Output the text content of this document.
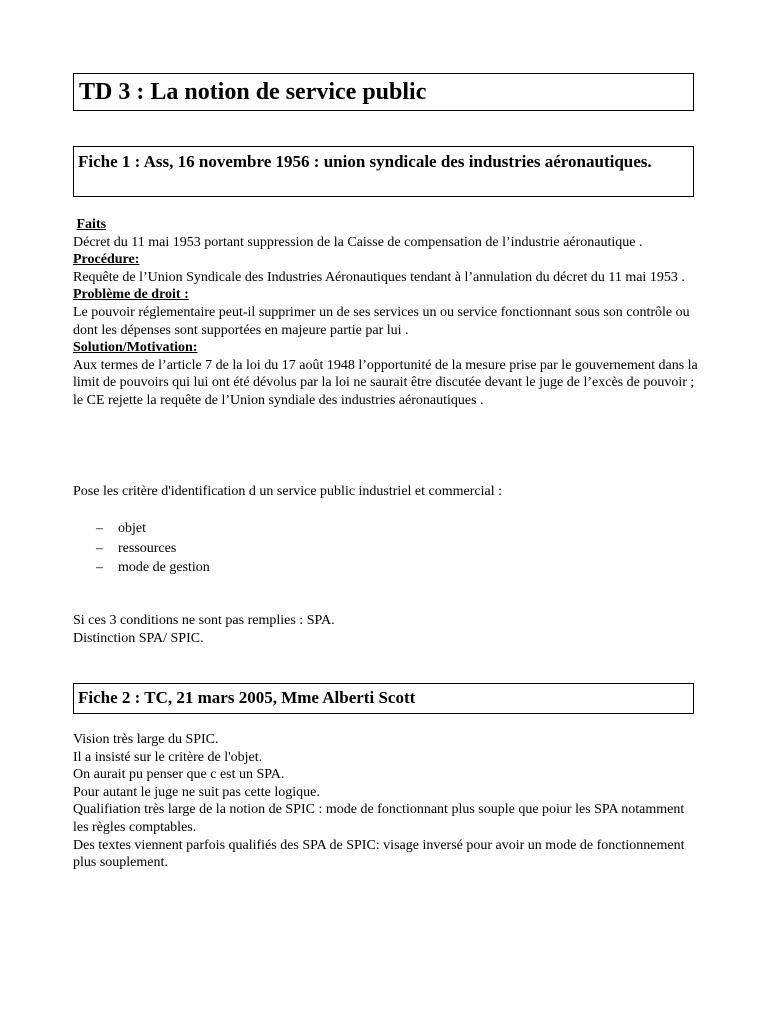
TD 3 : La notion de service public
Fiche 1 : Ass, 16 novembre 1956 : union syndicale des industries aéronautiques.
Faits
Décret du 11 mai 1953 portant suppression de la Caisse de compensation de l’industrie aéronautique .
Procédure:
Requête de l’Union Syndicale des Industries Aéronautiques tendant à l’annulation du décret du 11 mai 1953 .
Problème de droit :
Le pouvoir réglementaire peut-il supprimer un de ses services un ou service fonctionnant sous son contrôle ou dont les dépenses sont supportées en majeure partie par lui .
Solution/Motivation:
Aux termes de l’article 7 de la loi du 17 août 1948 l’opportunité de la mesure prise par le gouvernement dans la limit de pouvoirs qui lui ont été dévolus par la loi ne saurait être discutée devant le juge de l’excès de pouvoir ; le CE rejette la requête de l’Union syndiale des industries aéronautiques .
Pose les critère d'identification d un service public industriel et commercial :
– objet
– ressources
– mode de gestion
Si ces 3 conditions ne sont pas remplies : SPA.
Distinction SPA/ SPIC.
Fiche 2 : TC, 21 mars 2005, Mme Alberti Scott
Vision très large du SPIC.
Il a insisté sur le critère de l'objet.
On aurait pu penser que c est un SPA.
Pour autant le juge ne suit pas cette logique.
Qualifiation très large de la notion de SPIC : mode de fonctionnant plus souple que poiur les SPA notamment les règles comptables.
Des textes viennent parfois qualifiés des SPA de SPIC: visage inversé pour avoir un mode de fonctionnement plus souplement.
